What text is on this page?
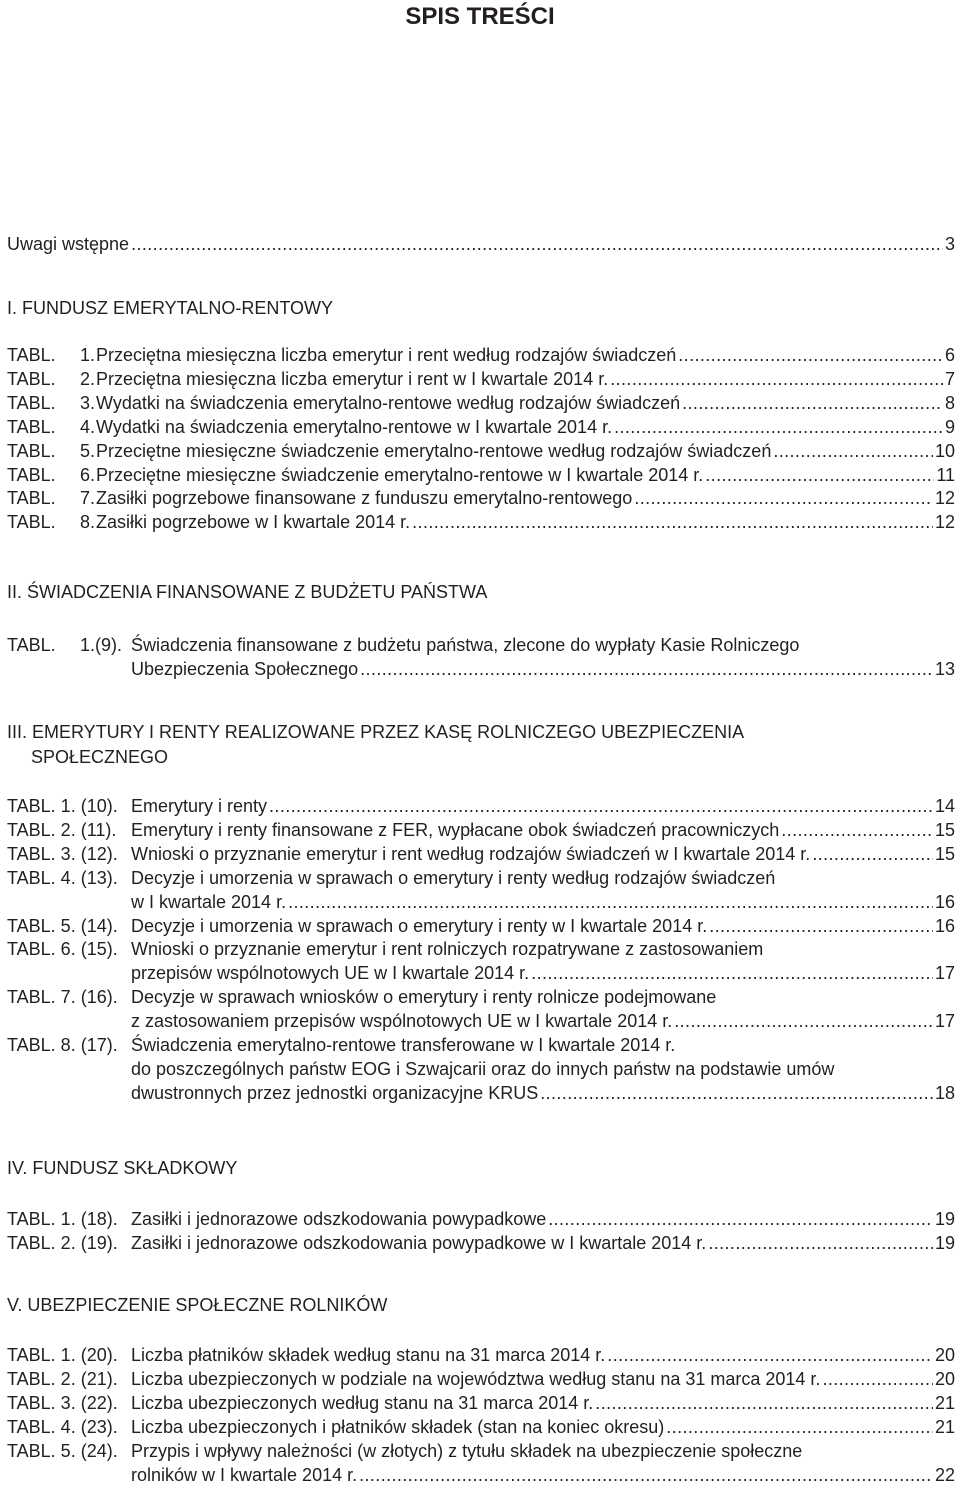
SPIS TREŚCI
Uwagi wstępne .....	3
I. FUNDUSZ EMERYTALNO-RENTOWY
TABL. 1. Przeciętna miesięczna liczba emerytur i rent według rodzajów świadczeń .....	6
TABL. 2. Przeciętna miesięczna liczba emerytur i rent w I kwartale 2014 r. .....	7
TABL. 3. Wydatki na świadczenia emerytalno-rentowe według rodzajów świadczeń .....	8
TABL. 4. Wydatki na świadczenia emerytalno-rentowe w I kwartale 2014 r. .....	9
TABL. 5. Przeciętne miesięczne świadczenie emerytalno-rentowe według rodzajów świadczeń .....	10
TABL. 6. Przeciętne miesięczne świadczenie emerytalno-rentowe w I kwartale 2014 r. .....	11
TABL. 7. Zasiłki pogrzebowe finansowane z funduszu emerytalno-rentowego .....	12
TABL. 8. Zasiłki pogrzebowe w I kwartale 2014 r. .....	12
II. ŚWIADCZENIA FINANSOWANE Z BUDŻETU PAŃSTWA
TABL. 1.(9). Świadczenia finansowane z budżetu państwa, zlecone do wypłaty Kasie Rolniczego
Ubezpieczenia Społecznego .....	13
III. EMERYTURY I RENTY REALIZOWANE PRZEZ KASĘ ROLNICZEGO UBEZPIECZENIA
SPOŁECZNEGO
TABL. 1. (10). Emerytury i renty .....	14
TABL. 2. (11). Emerytury i renty finansowane z FER, wypłacane obok świadczeń pracowniczych .....	15
TABL. 3. (12). Wnioski o przyznanie emerytur i rent według rodzajów świadczeń w I kwartale 2014 r. .....	15
TABL. 4. (13). Decyzje i umorzenia w sprawach o emerytury i renty według rodzajów świadczeń
w I kwartale 2014 r. .....	16
TABL. 5. (14). Decyzje i umorzenia w sprawach o emerytury i renty w I kwartale 2014 r. .....	16
TABL. 6. (15). Wnioski o przyznanie emerytur i rent rolniczych rozpatrywane z zastosowaniem
przepisów wspólnotowych UE w I kwartale 2014 r. .....	17
TABL. 7. (16). Decyzje w sprawach wniosków o emerytury i renty rolnicze podejmowane
z zastosowaniem przepisów wspólnotowych UE w I kwartale 2014 r. .....	17
TABL. 8. (17). Świadczenia emerytalno-rentowe transferowane w I kwartale 2014 r.
do poszczególnych państw EOG i Szwajcarii oraz do innych państw na podstawie umów
dwustronnych przez jednostki organizacyjne KRUS .....	18
IV. FUNDUSZ SKŁADKOWY
TABL. 1. (18). Zasiłki i jednorazowe odszkodowania powypadkowe .....	19
TABL. 2. (19). Zasiłki i jednorazowe odszkodowania powypadkowe w I kwartale 2014 r. .....	19
V. UBEZPIECZENIE SPOŁECZNE ROLNIKÓW
TABL. 1. (20). Liczba płatników składek według stanu na 31 marca 2014 r. .....	20
TABL. 2. (21). Liczba ubezpieczonych w podziale na województwa według stanu na 31 marca 2014 r. .....	20
TABL. 3. (22). Liczba ubezpieczonych według stanu na 31 marca 2014 r. .....	21
TABL. 4. (23). Liczba ubezpieczonych i płatników składek (stan na koniec okresu) .....	21
TABL. 5. (24). Przypis i wpływy należności (w złotych) z tytułu składek na ubezpieczenie społeczne
rolników w I kwartale 2014 r. .....	22
